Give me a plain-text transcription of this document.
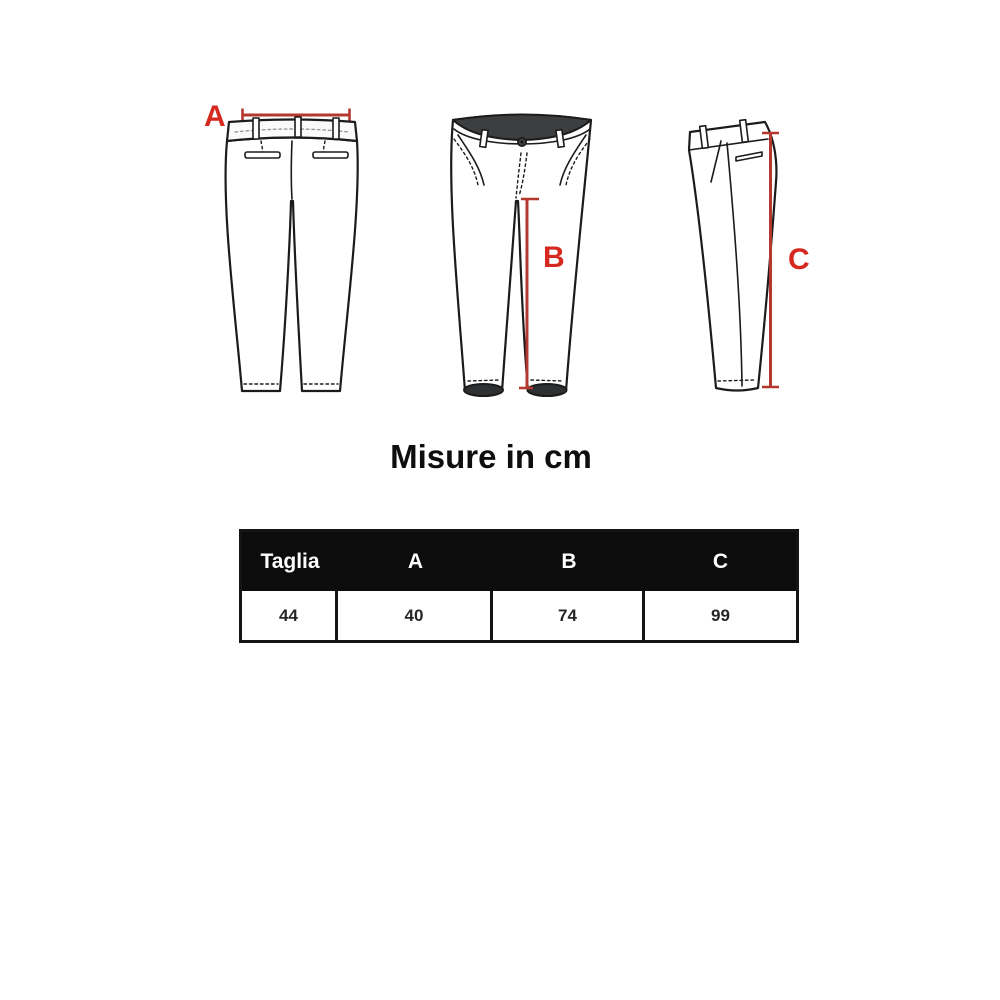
A
B	C
Misure in cm
Taglia	A	B	C
44	40	74	99
